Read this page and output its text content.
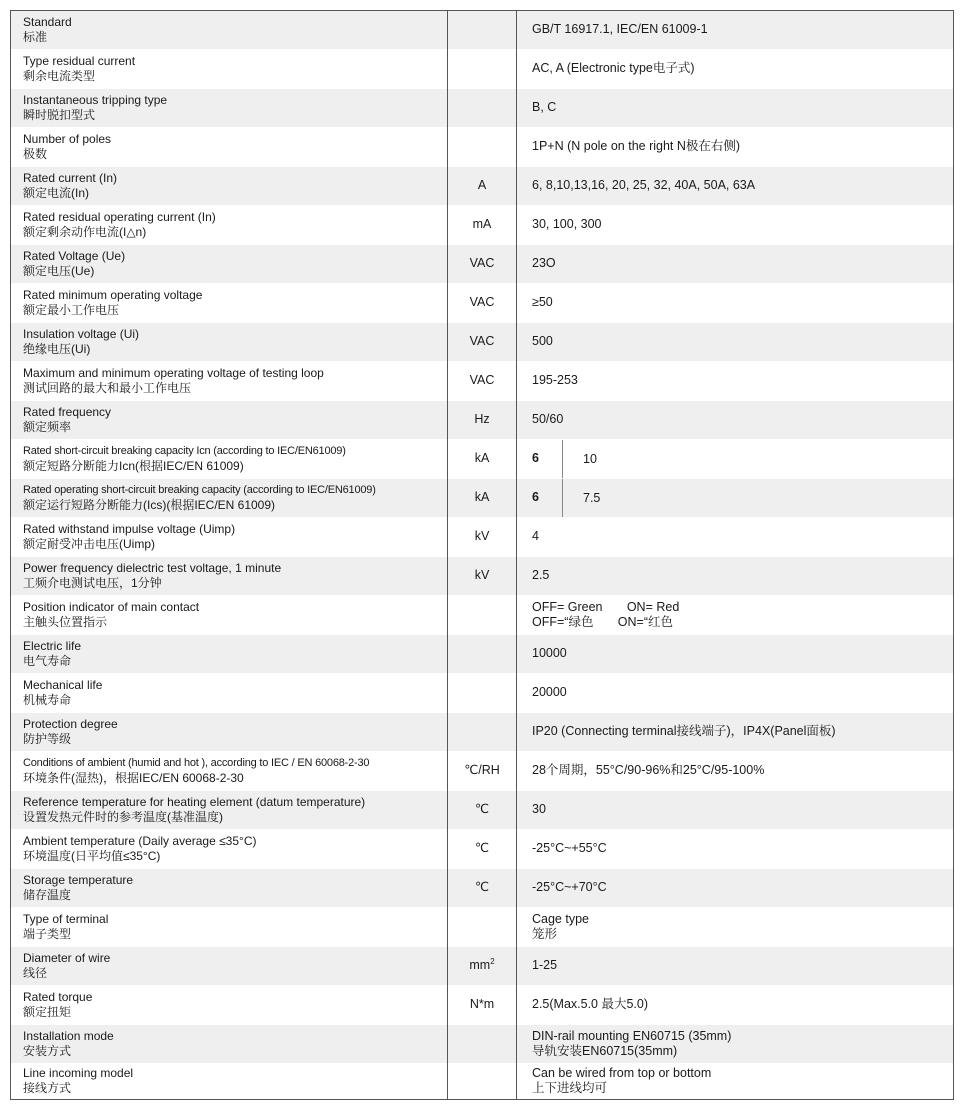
Standard
标准		GB/T 16917.1, IEC/EN 61009-1

Type residual current
剩余电流类型		AC, A (Electronic type电子式)

Instantaneous tripping type
瞬时脱扣型式		B, C

Number of poles
极数		1P+N (N pole on the right N极在右侧)

Rated current (In)
额定电流(In)	A	6, 8,10,13,16, 20, 25, 32, 40A, 50A, 63A

Rated residual operating current (In)
额定剩余动作电流(I△n)	mA	30, 100, 300

Rated Voltage (Ue)
额定电压(Ue)	VAC	23O

Rated minimum operating voltage
额定最小工作电压	VAC	≥50

Insulation voltage (Ui)
绝缘电压(Ui)	VAC	500

Maximum and minimum operating voltage of testing loop
测试回路的最大和最小工作电压	VAC	195-253

Rated frequency
额定频率	Hz	50/60

Rated short-circuit breaking capacity Icn (according to IEC/EN61009)
额定短路分断能力Icn(根据IEC/EN 61009)	kA	6 10

Rated operating short-circuit breaking capacity (according to IEC/EN61009)
额定运行短路分断能力(Ics)(根据IEC/EN 61009)	kA	6 7.5

Rated withstand impulse voltage (Uimp)
额定耐受冲击电压(Uimp)	kV	4

Power frequency dielectric test voltage, 1 minute
工频介电测试电压，1分钟	kV	2.5

Position indicator of main contact
主触头位置指示		OFF= Green       ON= Red
OFF=“绿色       ON=“红色

Electric life
电气寿命		10000

Mechanical life
机械寿命		20000

Protection degree
防护等级		IP20 (Connecting terminal接线端子)，IP4X(Panel面板)

Conditions of ambient (humid and hot ), according to IEC / EN 60068-2-30
环境条件(湿热)，根据IEC/EN 60068-2-30	℃/RH	28个周期，55°C/90-96%和25°C/95-100%

Reference temperature for heating element (datum temperature)
设置发热元件时的参考温度(基准温度)	℃	30

Ambient temperature (Daily average ≤35°C)
环境温度(日平均值≤35°C)	℃	-25°C~+55°C

Storage temperature
储存温度	℃	-25°C~+70°C

Type of terminal
端子类型		Cage type
笼形

Diameter of wire
线径	$mm^2$	1-25

Rated torque
额定扭矩	N*m	2.5(Max.5.0 最大5.0)

Installation mode
安装方式		DIN-rail mounting EN60715 (35mm)
导轨安装EN60715(35mm)

Line incoming model
接线方式		Can be wired from top or bottom
上下进线均可
